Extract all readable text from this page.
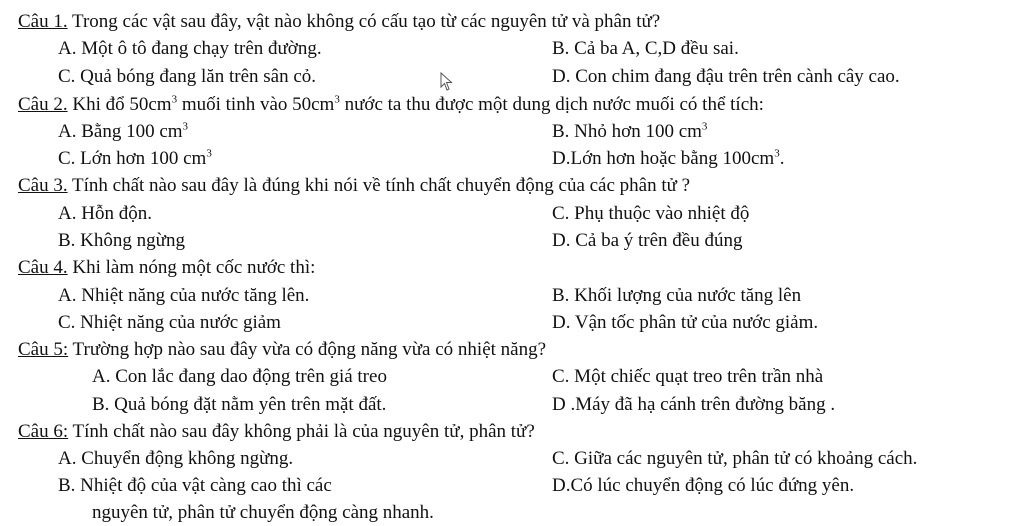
Câu 1. Trong các vật sau đây, vật nào không có cấu tạo từ các nguyên tử và phân tử?
A. Một ô tô đang chạy trên đường.	B. Cả ba A, C,D đều sai.
C. Quả bóng đang lăn trên sân cỏ.	D. Con chim đang đậu trên trên cành cây cao.
Câu 2. Khi đổ $50cm^3$ muối tinh vào $50cm^3$ nước ta thu được một dung dịch nước muối có thể tích:
A. Bằng 100 $cm^3$	B. Nhỏ hơn 100 $cm^3$
C. Lớn hơn 100 $cm^3$	D.Lớn hơn hoặc bằng $100cm^3$.
Câu 3. Tính chất nào sau đây là đúng khi nói về tính chất chuyển động của các phân tử ?
A. Hỗn độn.	C. Phụ thuộc vào nhiệt độ
B. Không ngừng	D. Cả ba ý trên đều đúng
Câu 4. Khi làm nóng một cốc nước thì:
A. Nhiệt năng của nước tăng lên.	B. Khối lượng của nước tăng lên
C. Nhiệt năng của nước giảm	D. Vận tốc phân tử của nước giảm.
Câu 5: Trường hợp nào sau đây vừa có động năng vừa có nhiệt năng?
A. Con lắc đang dao động trên giá treo	C. Một chiếc quạt treo trên trần nhà
B. Quả bóng đặt nằm yên trên mặt đất.	D .Máy đã hạ cánh trên đường băng .
Câu 6: Tính chất nào sau đây không phải là của nguyên tử, phân tử?
A. Chuyển động không ngừng.	C. Giữa các nguyên tử, phân tử có khoảng cách.
B. Nhiệt độ của vật càng cao thì các	D.Có lúc chuyển động có lúc đứng yên.
nguyên tử, phân tử chuyển động càng nhanh.
